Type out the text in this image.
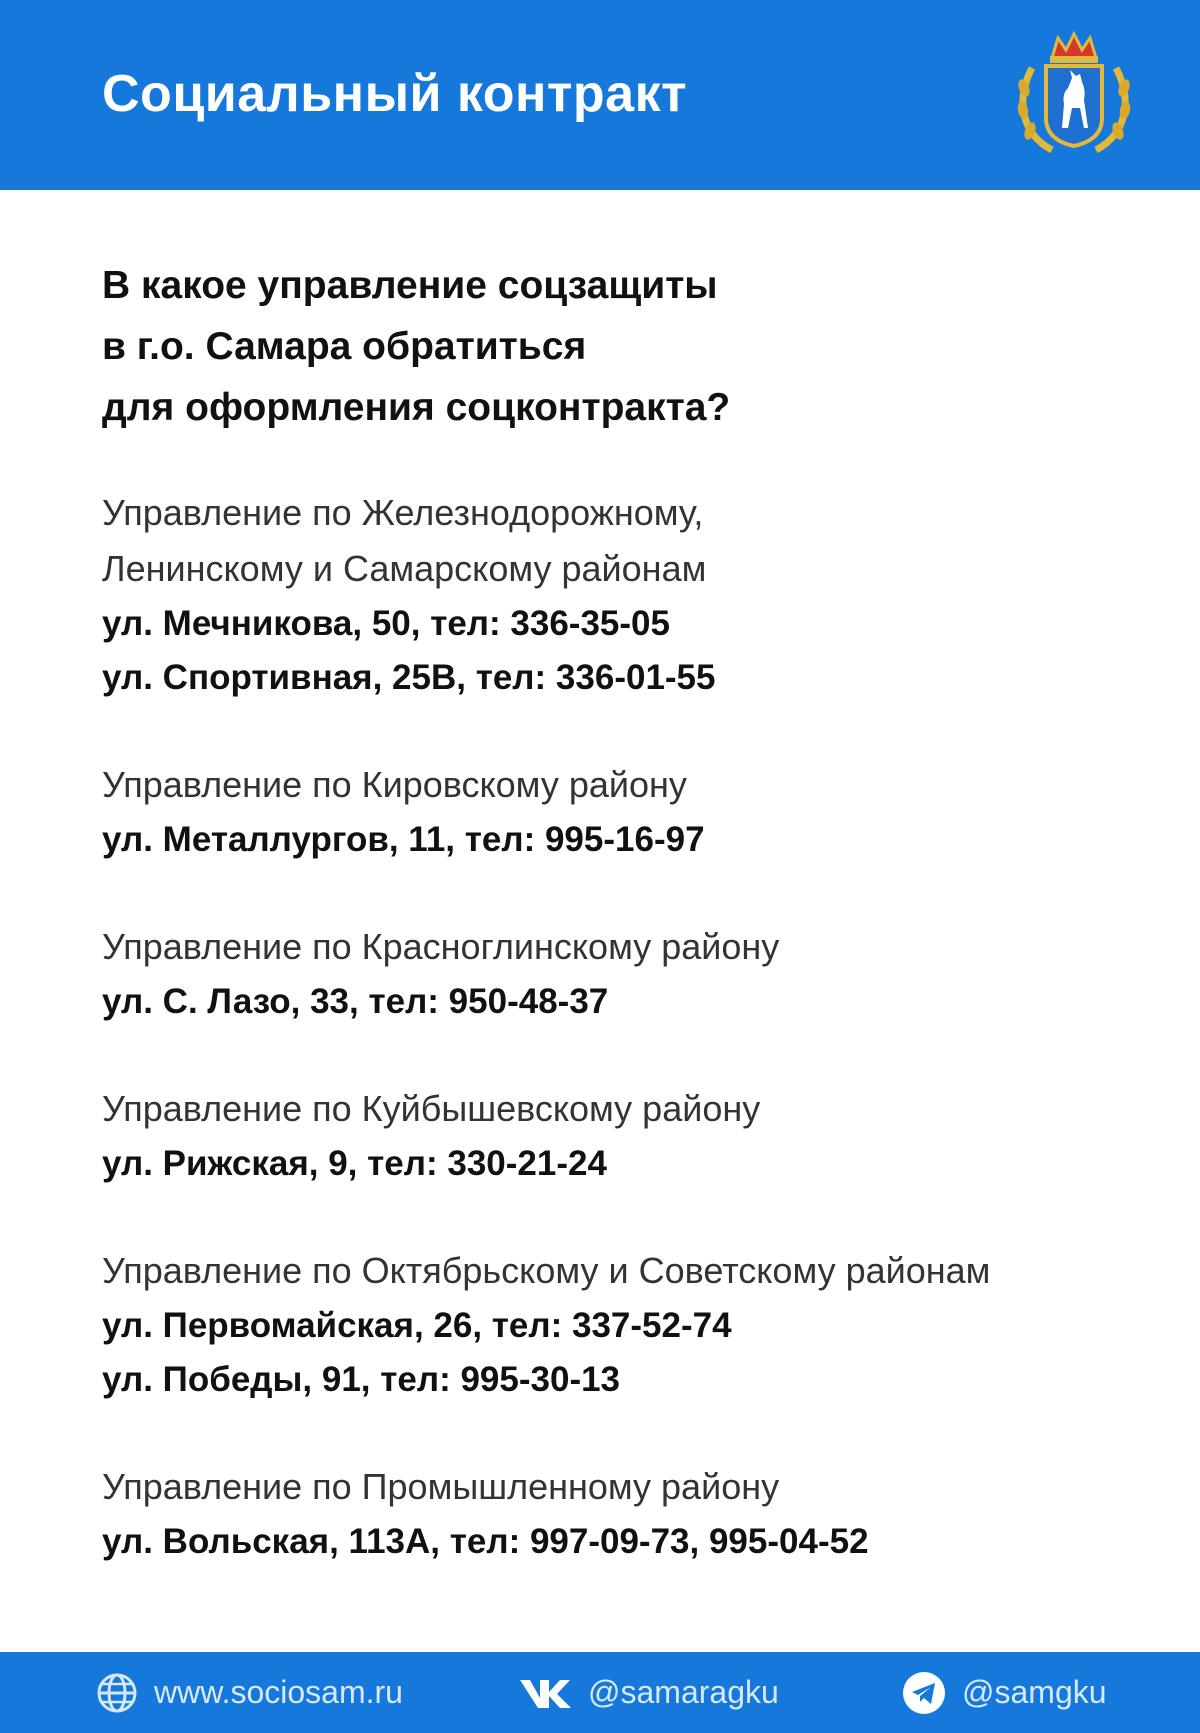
Социальный контракт
В какое управление соцзащиты
в г.о. Самара обратиться
для оформления соцконтракта?
Управление по Железнодорожному,
Ленинскому и Самарскому районам
ул. Мечникова, 50, тел: 336-35-05
ул. Спортивная, 25В, тел: 336-01-55
Управление по Кировскому району
ул. Металлургов, 11, тел: 995-16-97
Управление по Красноглинскому району
ул. С. Лазо, 33, тел: 950-48-37
Управление по Куйбышевскому району
ул. Рижская, 9, тел: 330-21-24
Управление по Октябрьскому и Советскому районам
ул. Первомайская, 26, тел: 337-52-74
ул. Победы, 91, тел: 995-30-13
Управление по Промышленному району
ул. Вольская, 113А, тел: 997-09-73, 995-04-52
www.sociosam.ru	@samaragku	@samgku
